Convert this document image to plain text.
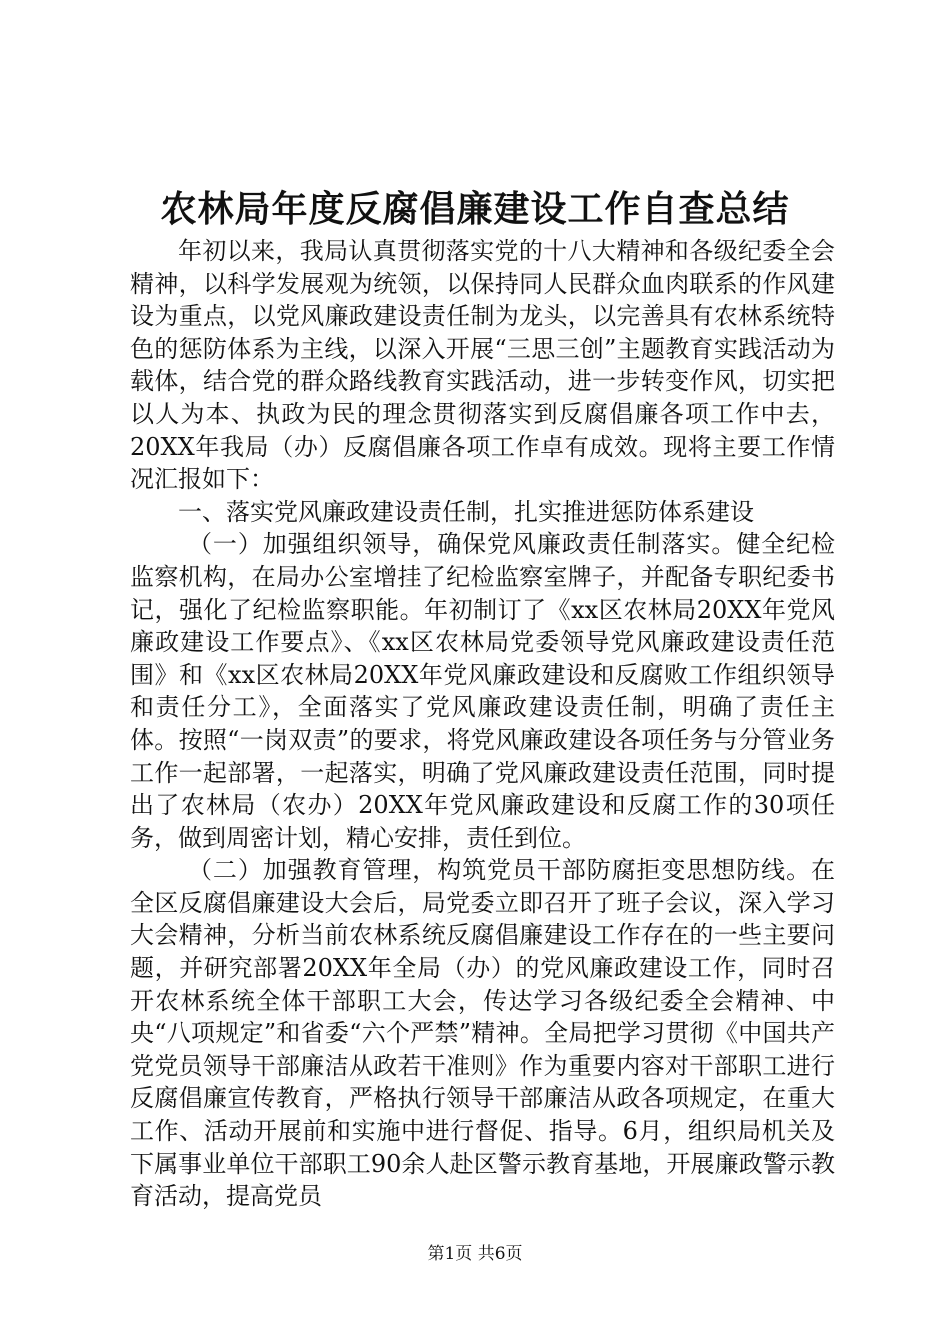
农林局年度反腐倡廉建设工作自查总结

年初以来，我局认真贯彻落实党的十八大精神和各级纪委全会精神，以科学发展观为统领，以保持同人民群众血肉联系的作风建设为重点，以党风廉政建设责任制为龙头，以完善具有农林系统特色的惩防体系为主线，以深入开展“三思三创”主题教育实践活动为载体，结合党的群众路线教育实践活动，进一步转变作风，切实把以人为本、执政为民的理念贯彻落实到反腐倡廉各项工作中去，20XX年我局（办）反腐倡廉各项工作卓有成效。现将主要工作情况汇报如下：

一、落实党风廉政建设责任制，扎实推进惩防体系建设

（一）加强组织领导，确保党风廉政责任制落实。健全纪检监察机构，在局办公室增挂了纪检监察室牌子，并配备专职纪委书记，强化了纪检监察职能。年初制订了《xx区农林局20XX年党风廉政建设工作要点》、《xx区农林局党委领导党风廉政建设责任范围》和《xx区农林局20XX年党风廉政建设和反腐败工作组织领导和责任分工》，全面落实了党风廉政建设责任制，明确了责任主体。按照“一岗双责”的要求，将党风廉政建设各项任务与分管业务工作一起部署，一起落实，明确了党风廉政建设责任范围，同时提出了农林局（农办）20XX年党风廉政建设和反腐工作的30项任务，做到周密计划，精心安排，责任到位。

（二）加强教育管理，构筑党员干部防腐拒变思想防线。在全区反腐倡廉建设大会后，局党委立即召开了班子会议，深入学习大会精神，分析当前农林系统反腐倡廉建设工作存在的一些主要问题，并研究部署20XX年全局（办）的党风廉政建设工作，同时召开农林系统全体干部职工大会，传达学习各级纪委全会精神、中央“八项规定”和省委“六个严禁”精神。全局把学习贯彻《中国共产党党员领导干部廉洁从政若干准则》作为重要内容对干部职工进行反腐倡廉宣传教育，严格执行领导干部廉洁从政各项规定，在重大工作、活动开展前和实施中进行督促、指导。6月，组织局机关及下属事业单位干部职工90余人赴区警示教育基地，开展廉政警示教育活动，提高党员

第1页 共6页
